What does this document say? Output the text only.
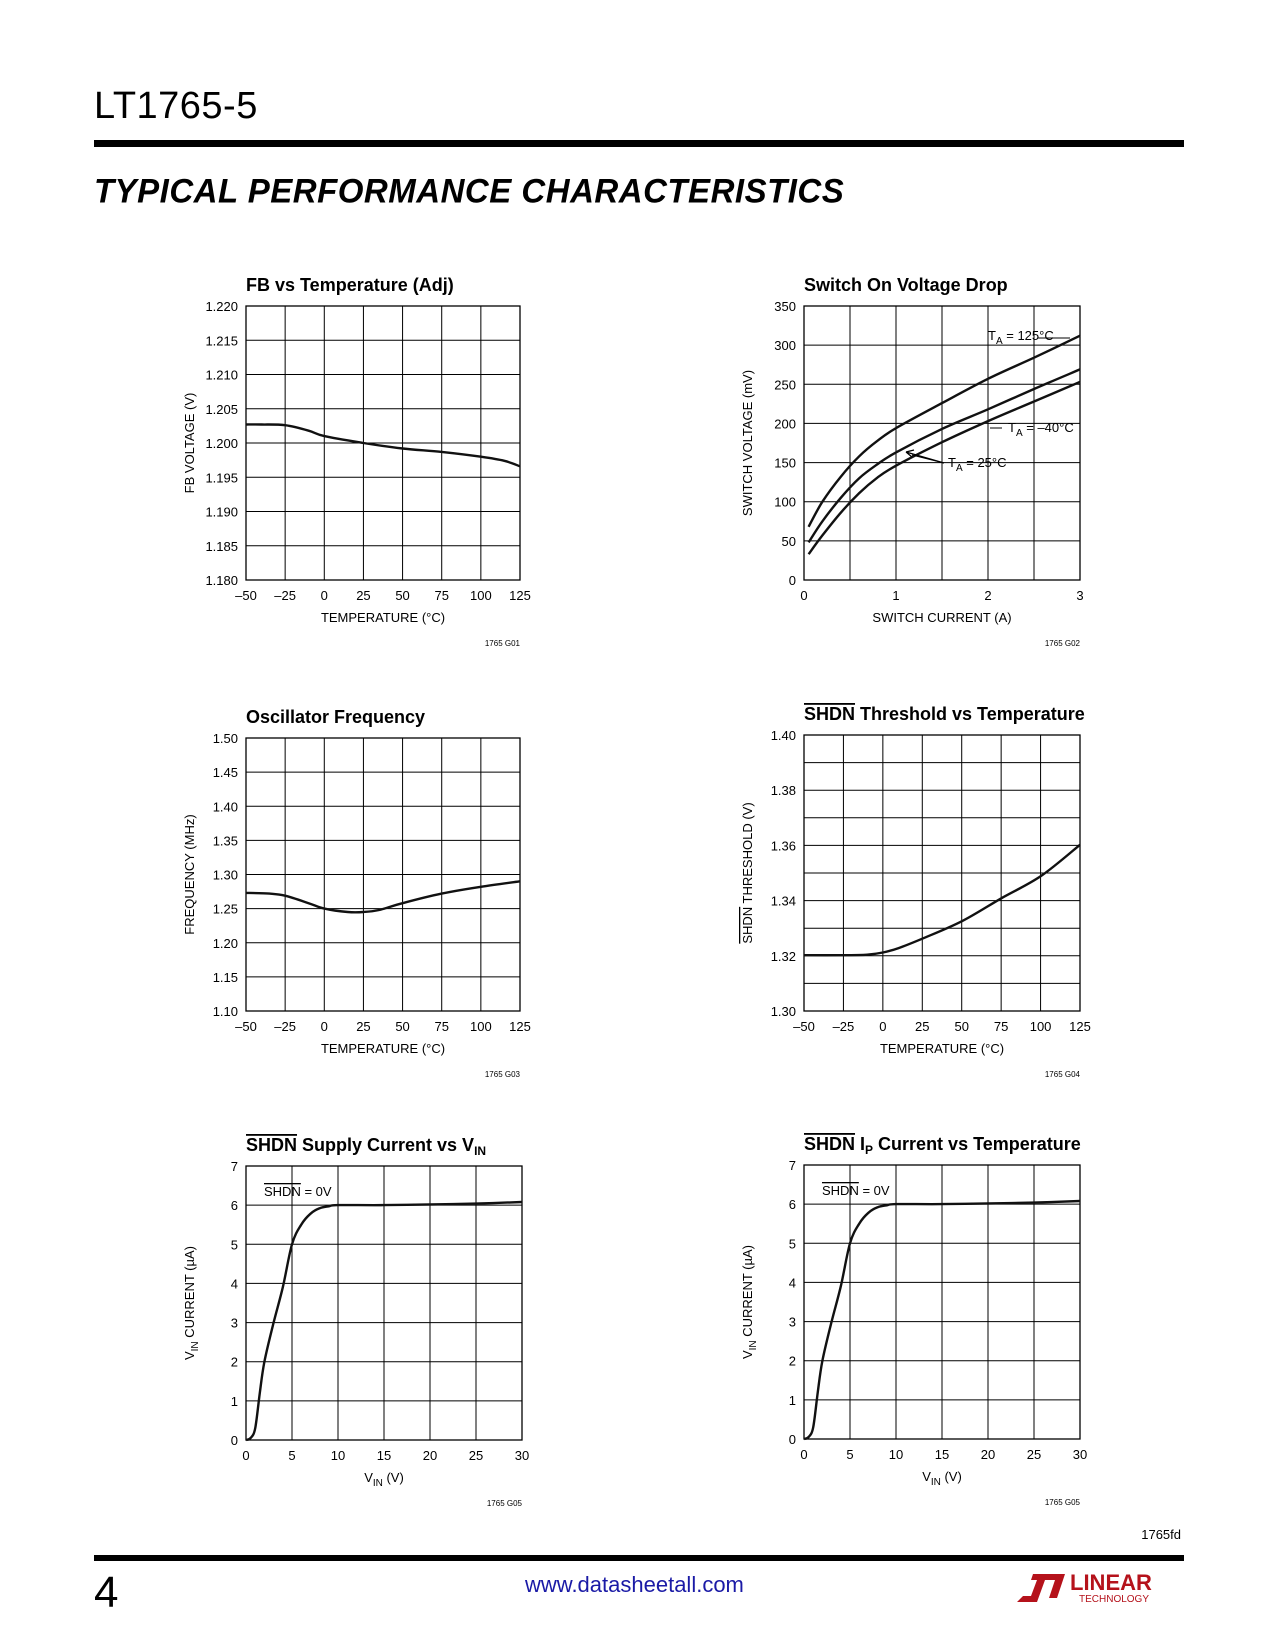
LT1765-5
TYPICAL PERFORMANCE CHARACTERISTICS
–50 –25 0 25 50 75 100 125
1.180
1.185
1.190
1.195
1.200
1.205
1.210
1.215
1.220
FB vs Temperature (Adj)
TEMPERATURE (°C)
FB VOLTAGE (V)
1765 G01
0	1	2	3
0
50
100
150
200
250
300
350
Switch On Voltage Drop
SWITCH CURRENT (A)
SWITCH VOLTAGE (mV)
1765 G02
$T_A = 125^\circ C$
$T_A = -40^\circ C$
$T_A = 25^\circ C$
–50 –25 0 25 50 75 100 125
1.10
1.15
1.20
1.25
1.30
1.35
1.40
1.45
1.50
Oscillator Frequency
TEMPERATURE (°C)
FREQUENCY (MHz)
1765 G03
–50 –25 0 25 50 75 100 125
1.30
1.32
1.34
1.36
1.38
1.40
SHDN Threshold vs Temperature
TEMPERATURE (°C)
SHDN THRESHOLD (V)
1765 G04
0	5	10 15 20 25 30
0
1
2
3
4
5
6
7
SHDN Supply Current vs $V_{IN}$
$V_{IN}$ (V)
$V_{IN}$ CURRENT (µA)
1765 G05
SHDN = 0V
0	5	10 15 20 25 30
0
1
2
3
4
5
6
7
SHDN $I_P$ Current vs Temperature
$V_{IN}$ (V)
$V_{IN}$ CURRENT (µA)
1765 G05
SHDN = 0V
1765fd
4	www.datasheetall.com	LINEAR
TECHNOLOGY
